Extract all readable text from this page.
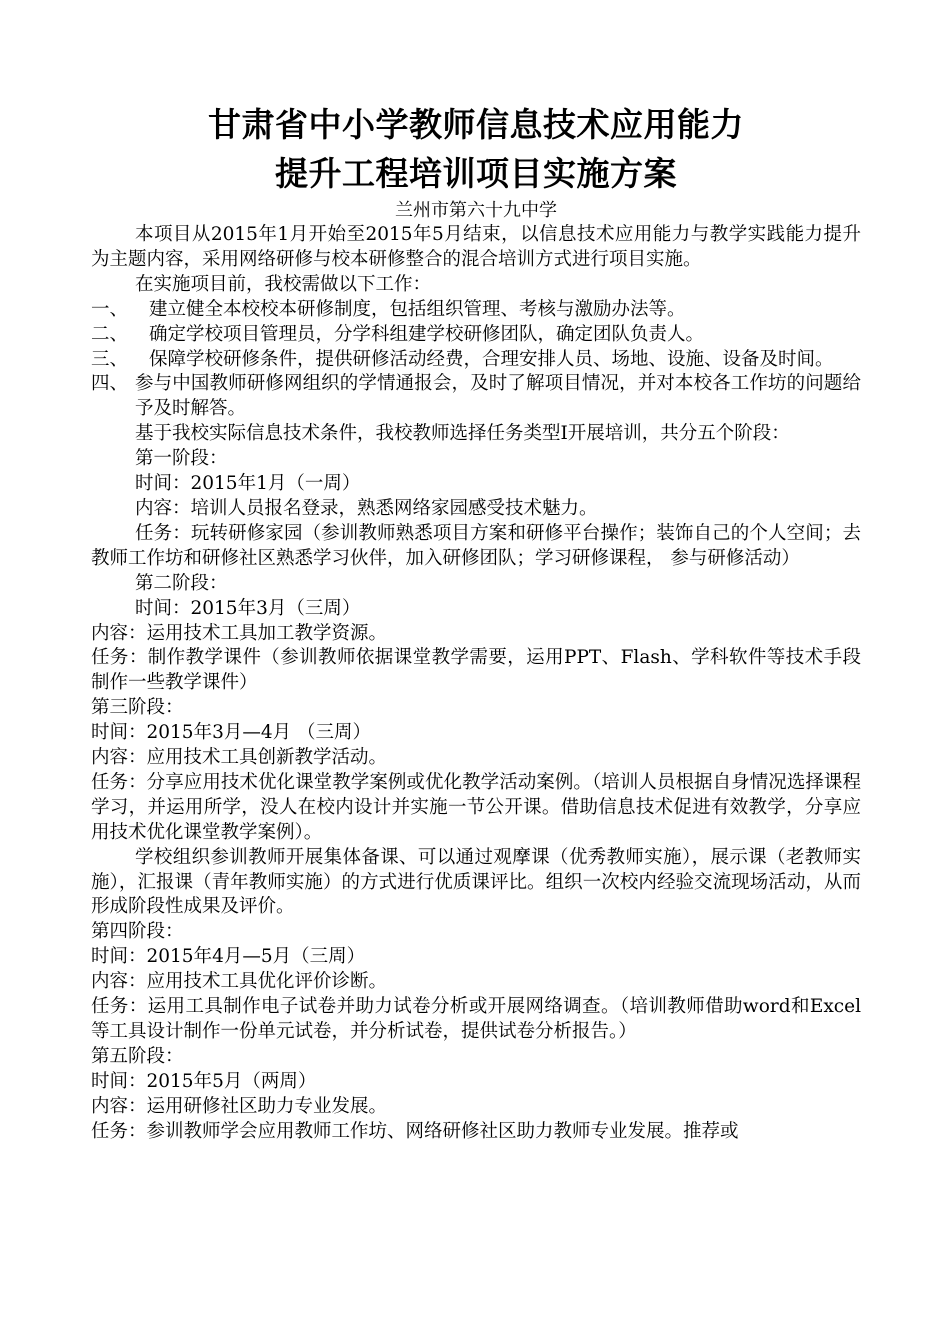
甘肃省中小学教师信息技术应用能力
提升工程培训项目实施方案

兰州市第六十九中学

本项目从2015年1月开始至2015年5月结束，以信息技术应用能力与教学实践能力提升为主题内容，采用网络研修与校本研修整合的混合培训方式进行项目实施。

在实施项目前，我校需做以下工作：

一、	建立健全本校校本研修制度，包括组织管理、考核与激励办法等。
二、	确定学校项目管理员，分学科组建学校研修团队，确定团队负责人。
三、	保障学校研修条件，提供研修活动经费，合理安排人员、场地、设施、设备及时间。
四、 参与中国教师研修网组织的学情通报会，及时了解项目情况，并对本校各工作坊的问题给予及时解答。

基于我校实际信息技术条件，我校教师选择任务类型Ⅰ开展培训，共分五个阶段：

第一阶段：

时间：2015年1月（一周）

内容：培训人员报名登录，熟悉网络家园感受技术魅力。

任务：玩转研修家园（参训教师熟悉项目方案和研修平台操作；装饰自己的个人空间；去教师工作坊和研修社区熟悉学习伙伴，加入研修团队；学习研修课程， 参与研修活动）

第二阶段：

时间：2015年3月（三周）

内容：运用技术工具加工教学资源。

任务：制作教学课件（参训教师依据课堂教学需要，运用PPT、Flash、学科软件等技术手段制作一些教学课件）

第三阶段：

时间：2015年3月—4月 （三周）

内容：应用技术工具创新教学活动。

任务：分享应用技术优化课堂教学案例或优化教学活动案例。（培训人员根据自身情况选择课程学习，并运用所学，没人在校内设计并实施一节公开课。借助信息技术促进有效教学，分享应用技术优化课堂教学案例）。

学校组织参训教师开展集体备课、可以通过观摩课（优秀教师实施），展示课（老教师实施），汇报课（青年教师实施）的方式进行优质课评比。组织一次校内经验交流现场活动，从而形成阶段性成果及评价。

第四阶段：

时间：2015年4月—5月（三周）

内容：应用技术工具优化评价诊断。

任务：运用工具制作电子试卷并助力试卷分析或开展网络调查。（培训教师借助word和Excel等工具设计制作一份单元试卷，并分析试卷，提供试卷分析报告。）

第五阶段：

时间：2015年5月（两周）

内容：运用研修社区助力专业发展。

任务：参训教师学会应用教师工作坊、网络研修社区助力教师专业发展。推荐或
